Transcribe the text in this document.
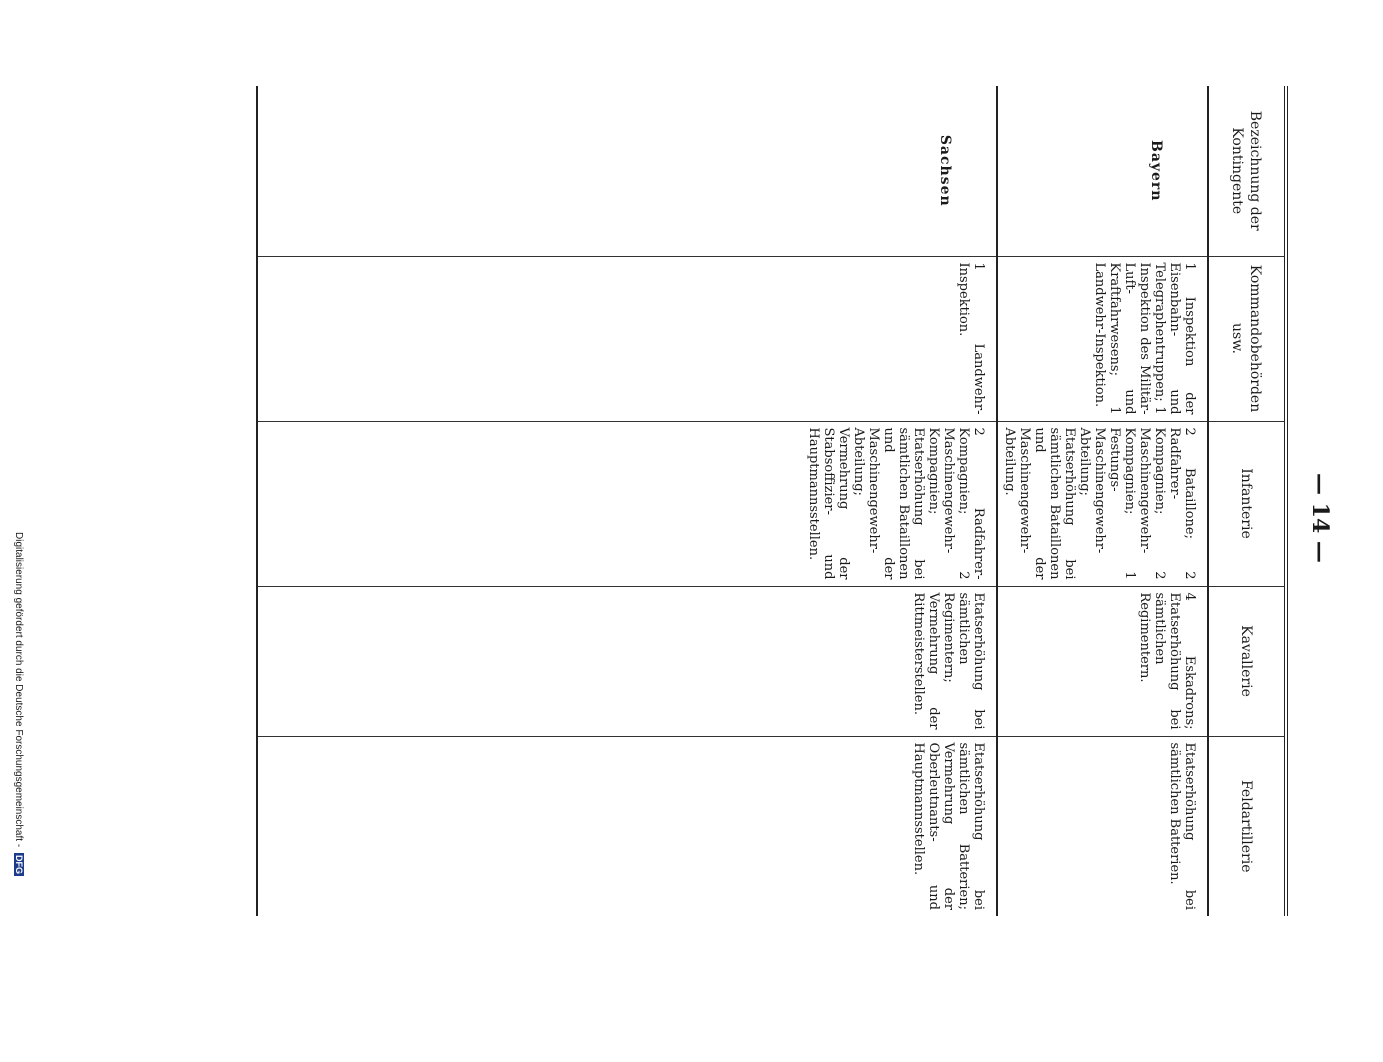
— 14 —
Bezeichnung der Kontingente	Kommandobehörden usw.	Infanterie	Kavallerie	Feldartillerie
Bayern	1 Inspektion der Eisenbahn- und Telegraphentruppen; 1 Inspektion des Militär-Luft- und Kraftfahrwesens; 1 Landwehr-Inspektion.	2 Bataillone; 2 Radfahrer-Kompagnien; 2 Maschinengewehr-Kompagnien; 1 Festungs-Maschinengewehr-Abteilung; Etatserhöhung bei sämtlichen Bataillonen und der Maschinengewehr-Abteilung.	4 Eskadrons; Etatserhöhung bei sämtlichen Regimentern.	Etatserhöhung bei sämtlichen Batterien.

Sachsen	1 Landwehr-Inspektion.	2 Radfahrer-Kompagnien; 2 Maschinengewehr-Kompagnien; Etatserhöhung bei sämtlichen Bataillonen und der Maschinengewehr-Abteilung; Vermehrung der Stabsoffizier- und Hauptmannsstellen.	Etatserhöhung bei sämtlichen Regimentern; Vermehrung der Rittmeisterstellen.	Etatserhöhung bei sämtlichen Batterien; Vermehrung der Oberleutnants- und Hauptmannsstellen.

Digitalisierung gefördert durch die Deutsche Forschungsgemeinschaft - DFG
